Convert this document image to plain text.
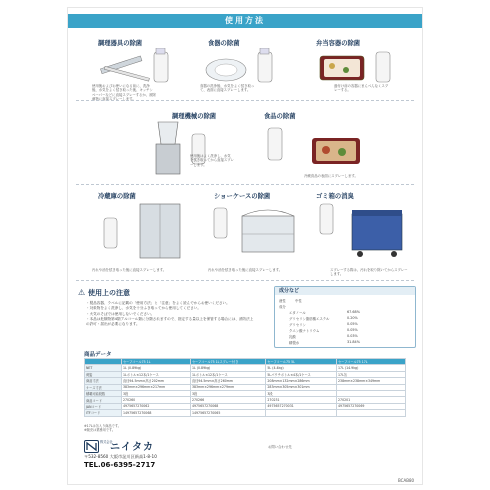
使用方法
調理器具の除菌
使用後およびお使いになる前に、洗浄後、水気をよく拭き取った後、キッチンペーパーなどに直接スプレーするか、被除菌物に直接スプレーします。
食器の除菌
食器の洗浄後、水気をよく拭き取って、表面に直接スプレーします。
弁当容器の除菌
盛付け前の容器にまんべんなくスプレーする。
調理機械の除菌
使用後はよく洗浄し、水気を拭き取ってから直接スプレーします。
食品の除菌
冷蔵食品の表面にスプレーします。
冷蔵庫の除菌
汚れや油を拭き取った後に直接スプレーします。
ショーケースの除菌
汚れや油を拭き取った後に直接スプレーします。
ゴミ箱の消臭
スプレーする際は、汚れを取り除いてからスプレーします。
⚠ 使用上の注意
・製品容器、ラベルに記載の「使用方法」と「注意」をよく読んでからお使いください。
・対象物をよく洗浄し、水気を十分ふき取ってから使用してください。
・火気のそばでは使用しないでください。
・本品は危険物第4類アルコール類に分類されますので、指定する量以上を保管する場合には、消防法上の許可・届出が必要になります。
成分など
液性	中性
成分
エタノール	67.68%
グリセリン脂肪酸エステル	0.20%
グリセリン	0.05%
クエン酸ナトリウム	0.05%
乳酸	0.03%
精製水	31.84%
商品データ
	セーフコール75 1L	セーフコール75 1Lスプレー付き	セーフコール75 5L	セーフコール75 17L
NET	1L (0.89kg)	1L (0.89kg)	5L (4.4kg)	17L (14.9kg)
荷姿	1Lボトル×12本/1ケース	1Lボトル×12本/1ケース	5Lパウチボトル×4本/1ケース	17L缶
商品寸法	直径94.5mm×高さ202mm	直径94.5mm×高さ260mm	208mm×132mm×286mm	238mm×238mm×349mm
ケース寸法	383mm×296mm×217mm	383mm×296mm×279mm	283mm×305mm×301mm	
積載可能段数	3段	3段	3段	
商品コード	270260	270266	270231	270201
JANコード	4975657270062	4975657270068	4975657270031	4975657270069
ITFコード	14975657270068	14975657270065		
※17Lは缶入り商品です。
※販売は業務用です。
株式会社
ニイタカ
〒532-8560 大阪市淀川区新高1-8-10
TEL.06-6395-2717
お問い合わせ先
BCAB80
